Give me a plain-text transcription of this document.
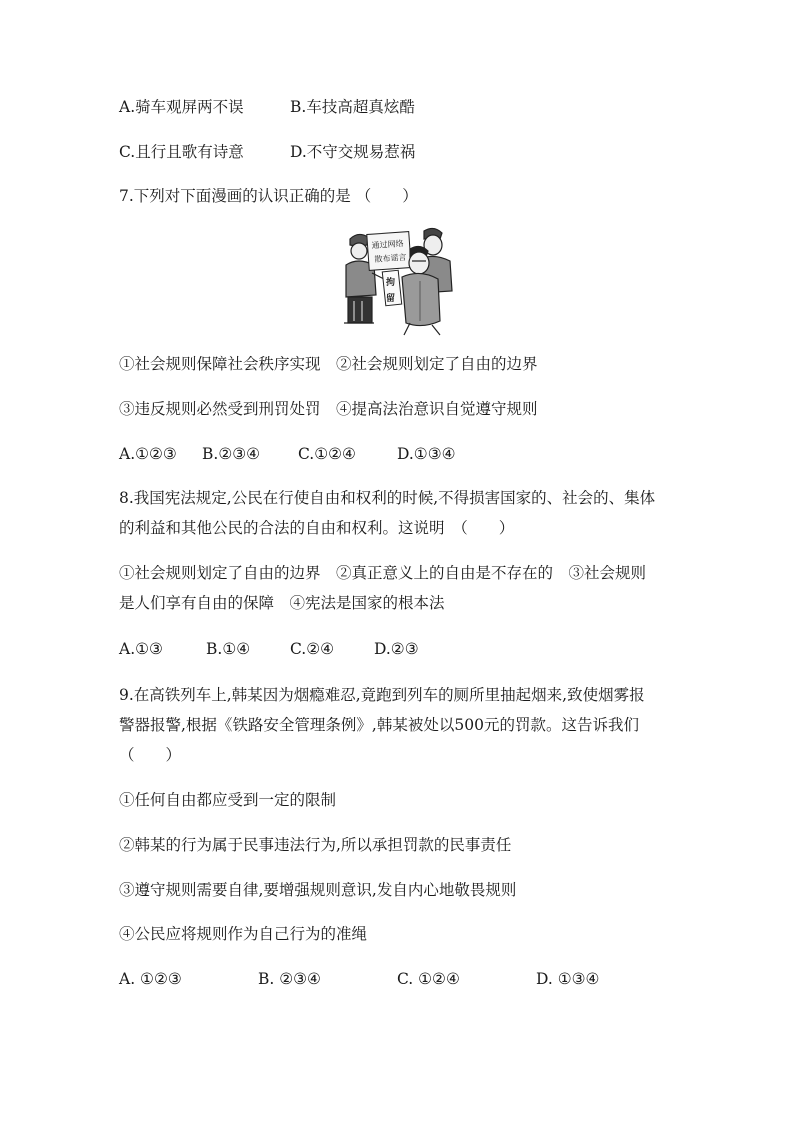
A.骑车观屏两不误	B.车技高超真炫酷
C.且行且歌有诗意	D.不守交规易惹祸
7.下列对下面漫画的认识正确的是 （　　）
通过网络
散布谣言
拘
留
①社会规则保障社会秩序实现　②社会规则划定了自由的边界
③违反规则必然受到刑罚处罚　④提高法治意识自觉遵守规则
A.①②③ B.②③④ C.①②④	D.①③④
8.我国宪法规定,公民在行使自由和权利的时候,不得损害国家的、社会的、集体
的利益和其他公民的合法的自由和权利。这说明　（　　）
①社会规则划定了自由的边界　②真正意义上的自由是不存在的　③社会规则
是人们享有自由的保障　④宪法是国家的根本法
A.①③	B.①④	C.②④	D.②③
9.在高铁列车上,韩某因为烟瘾难忍,竟跑到列车的厕所里抽起烟来,致使烟雾报
警器报警,根据《铁路安全管理条例》,韩某被处以500元的罚款。这告诉我们
（　　）
①任何自由都应受到一定的限制
②韩某的行为属于民事违法行为,所以承担罚款的民事责任
③遵守规则需要自律,要增强规则意识,发自内心地敬畏规则
④公民应将规则作为自己行为的准绳
A. ①②③	B. ②③④	C. ①②④	D. ①③④
